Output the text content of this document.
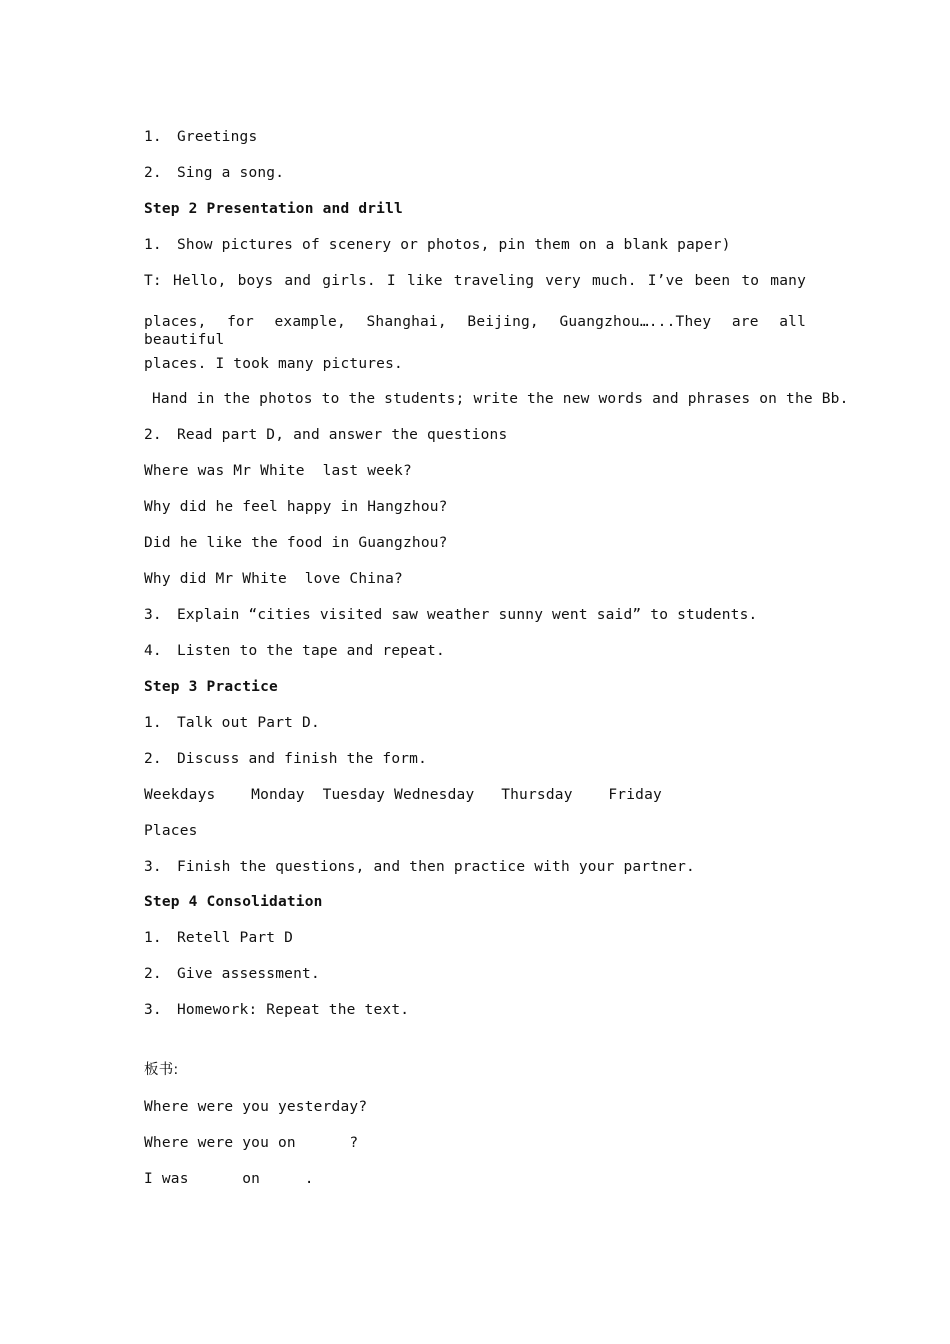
1. Greetings
2. Sing a song.
Step 2 Presentation and drill
1. Show pictures of scenery or photos, pin them on a blank paper)
T: Hello, boys and girls. I like traveling very much. I’ve been to many
places, for example, Shanghai, Beijing, Guangzhou…...They are all beautiful
places. I took many pictures.
Hand in the photos to the students; write the new words and phrases on the Bb.
2. Read part D, and answer the questions
Where was Mr White  last week?
Why did he feel happy in Hangzhou?
Did he like the food in Guangzhou?
Why did Mr White  love China?
3. Explain “cities visited saw weather sunny went said” to students.
4. Listen to the tape and repeat.
Step 3 Practice
1. Talk out Part D.
2. Discuss and finish the form.
Weekdays    Monday  Tuesday Wednesday   Thursday    Friday
Places
3. Finish the questions, and then practice with your partner.
Step 4 Consolidation
1. Retell Part D
2. Give assessment.
3. Homework: Repeat the text.
板书:
Where were you yesterday?
Where were you on      ?
I was      on     .
